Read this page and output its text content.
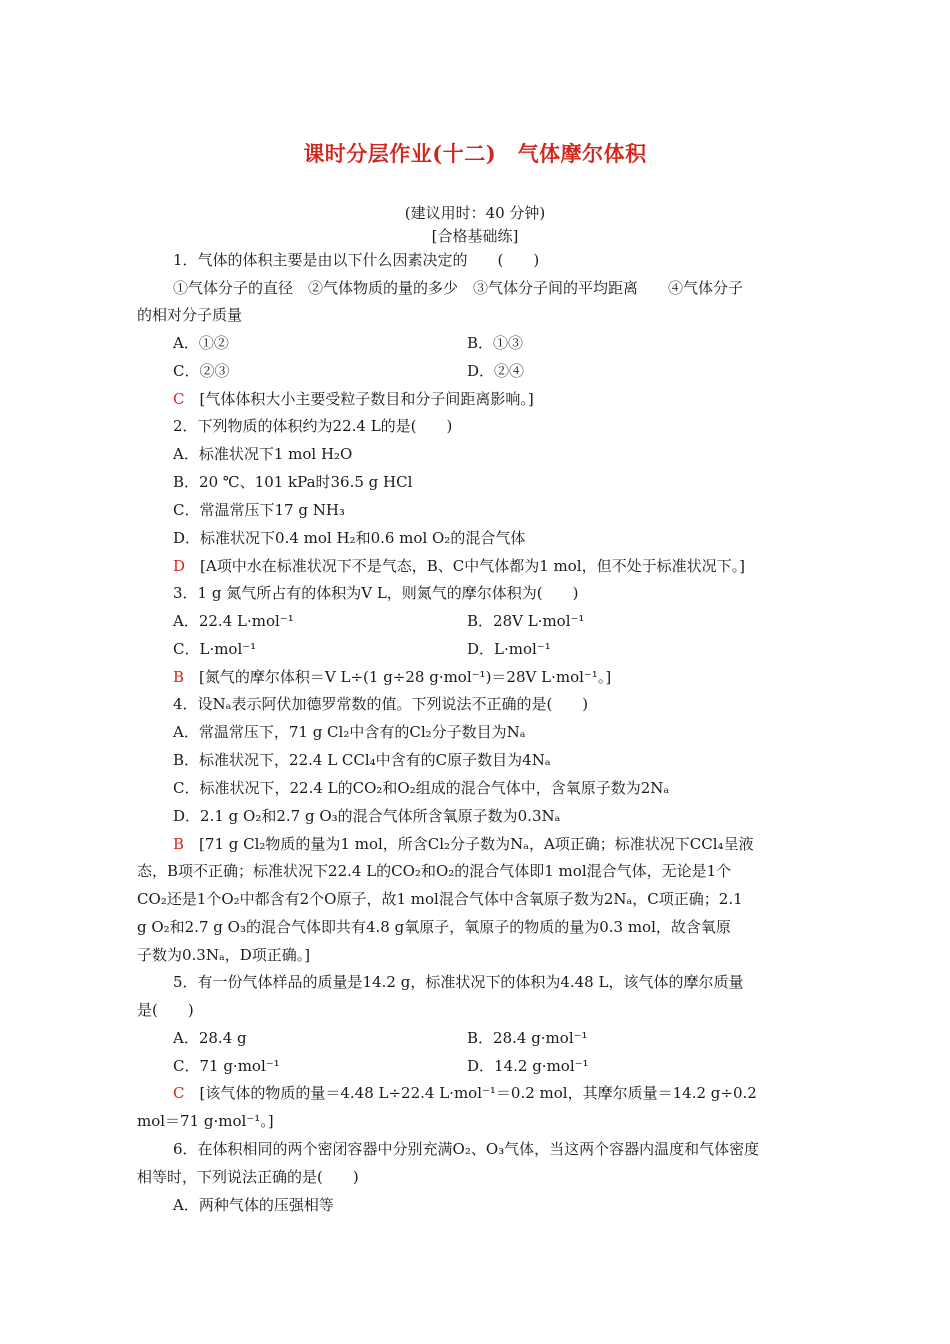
课时分层作业(十二)　气体摩尔体积
(建议用时：40 分钟)
[合格基础练]
1．气体的体积主要是由以下什么因素决定的　　(　　)
①气体分子的直径　②气体物质的量的多少　③气体分子间的平均距离　　④气体分子
的相对分子质量
A．①②	B．①③
C．②③	D．②④
C　 [气体体积大小主要受粒子数目和分子间距离影响。]
2．下列物质的体积约为22.4 L的是(　　)
A．标准状况下1 mol H₂O
B．20 ℃、101 kPa时36.5 g HCl
C．常温常压下17 g NH₃
D．标准状况下0.4 mol H₂和0.6 mol O₂的混合气体
D　 [A项中水在标准状况下不是气态，B、C中气体都为1 mol，但不处于标准状况下。]
3．1 g 氮气所占有的体积为V L，则氮气的摩尔体积为(　　)
A．22.4 L·mol⁻¹	B．28V L·mol⁻¹
C．L·mol⁻¹	D．L·mol⁻¹
B　 [氮气的摩尔体积＝V L÷(1 g÷28 g·mol⁻¹)＝28V L·mol⁻¹。]
4．设Nₐ表示阿伏加德罗常数的值。下列说法不正确的是(　　)
A．常温常压下，71 g Cl₂中含有的Cl₂分子数目为Nₐ
B．标准状况下，22.4 L CCl₄中含有的C原子数目为4Nₐ
C．标准状况下，22.4 L的CO₂和O₂组成的混合气体中，含氧原子数为2Nₐ
D．2.1 g O₂和2.7 g O₃的混合气体所含氧原子数为0.3Nₐ
B　 [71 g Cl₂物质的量为1 mol，所含Cl₂分子数为Nₐ，A项正确；标准状况下CCl₄呈液
态，B项不正确；标准状况下22.4 L的CO₂和O₂的混合气体即1 mol混合气体，无论是1个
CO₂还是1个O₂中都含有2个O原子，故1 mol混合气体中含氧原子数为2Nₐ，C项正确；2.1
g O₂和2.7 g O₃的混合气体即共有4.8 g氧原子，氧原子的物质的量为0.3 mol，故含氧原
子数为0.3Nₐ，D项正确。]
5．有一份气体样品的质量是14.2 g，标准状况下的体积为4.48 L，该气体的摩尔质量
是(　　)
A．28.4 g	B．28.4 g·mol⁻¹
C．71 g·mol⁻¹	D．14.2 g·mol⁻¹
C　 [该气体的物质的量＝4.48 L÷22.4 L·mol⁻¹＝0.2 mol，其摩尔质量＝14.2 g÷0.2
mol＝71 g·mol⁻¹。]
6．在体积相同的两个密闭容器中分别充满O₂、O₃气体，当这两个容器内温度和气体密度
相等时，下列说法正确的是(　　)
A．两种气体的压强相等
